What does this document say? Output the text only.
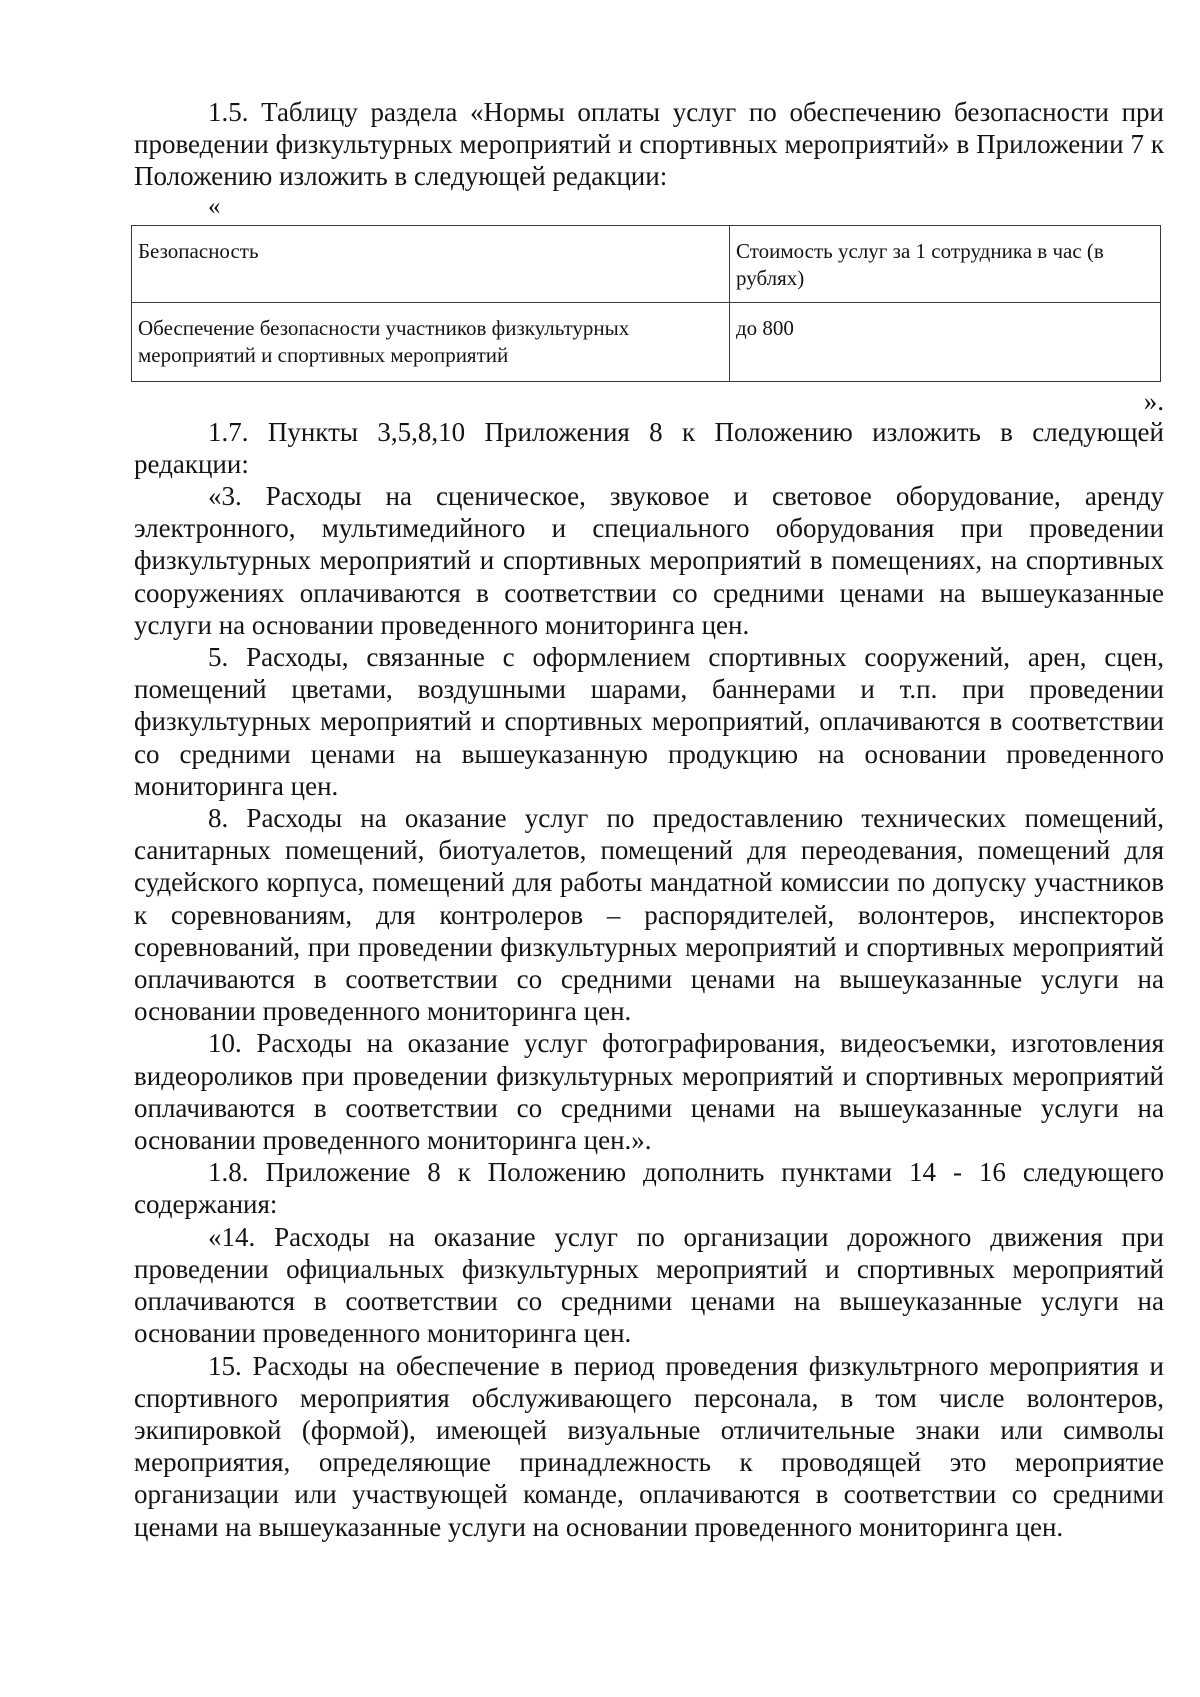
1.5. Таблицу раздела «Нормы оплаты услуг по обеспечению безопасности при проведении физкультурных мероприятий и спортивных мероприятий» в Приложении 7 к Положению изложить в следующей редакции:

«
Безопасность	Стоимость услуг за 1 сотрудника в час (в рублях)
Обеспечение безопасности участников физкультурных мероприятий и спортивных мероприятий	до 800
».

1.7. Пункты 3,5,8,10 Приложения 8 к Положению изложить в следующей редакции:

«3. Расходы на сценическое, звуковое и световое оборудование, аренду электронного, мультимедийного и специального оборудования при проведении физкультурных мероприятий и спортивных мероприятий в помещениях, на спортивных сооружениях оплачиваются в соответствии со средними ценами на вышеуказанные услуги на основании проведенного мониторинга цен.

5. Расходы, связанные с оформлением спортивных сооружений, арен, сцен, помещений цветами, воздушными шарами, баннерами и т.п. при проведении физкультурных мероприятий и спортивных мероприятий, оплачиваются в соответствии со средними ценами на вышеуказанную продукцию на основании проведенного мониторинга цен.

8. Расходы на оказание услуг по предоставлению технических помещений, санитарных помещений, биотуалетов, помещений для переодевания, помещений для судейского корпуса, помещений для работы мандатной комиссии по допуску участников к соревнованиям, для контролеров – распорядителей, волонтеров, инспекторов соревнований, при проведении физкультурных мероприятий и спортивных мероприятий оплачиваются в соответствии со средними ценами на вышеуказанные услуги на основании проведенного мониторинга цен.

10. Расходы на оказание услуг фотографирования, видеосъемки, изготовления видеороликов при проведении физкультурных мероприятий и спортивных мероприятий оплачиваются в соответствии со средними ценами на вышеуказанные услуги на основании проведенного мониторинга цен.».

1.8. Приложение 8 к Положению дополнить пунктами 14 - 16 следующего содержания:

«14. Расходы на оказание услуг по организации дорожного движения при проведении официальных физкультурных мероприятий и спортивных мероприятий оплачиваются в соответствии со средними ценами на вышеуказанные услуги на основании проведенного мониторинга цен.

15. Расходы на обеспечение в период проведения физкультрного мероприятия и спортивного мероприятия обслуживающего персонала, в том числе волонтеров, экипировкой (формой), имеющей визуальные отличительные знаки или символы мероприятия, определяющие принадлежность к проводящей это мероприятие организации или участвующей команде, оплачиваются в соответствии со средними ценами на вышеуказанные услуги на основании проведенного мониторинга цен.
